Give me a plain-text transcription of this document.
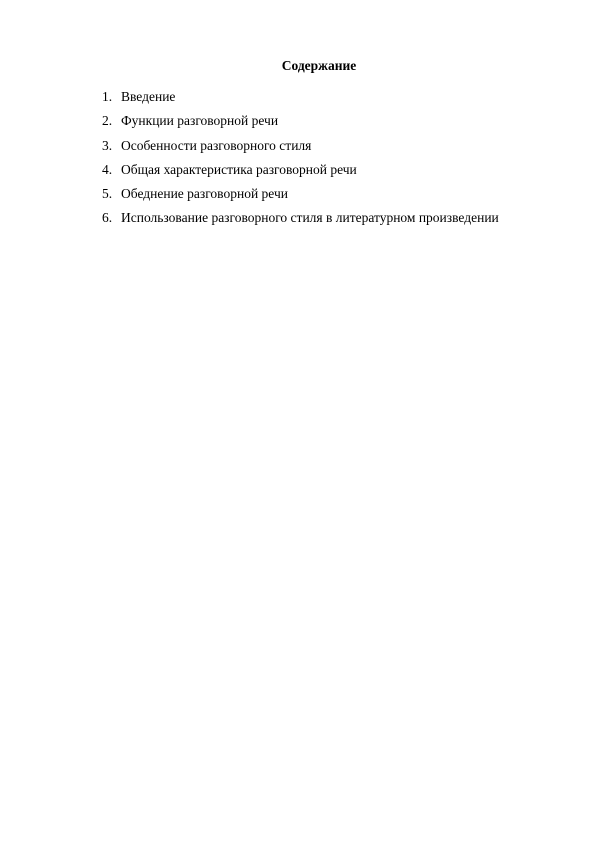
Содержание
1. Введение
2. Функции разговорной речи
3. Особенности разговорного стиля
4. Общая характеристика разговорной речи
5. Обеднение разговорной речи
6. Использование разговорного стиля в литературном произведении
